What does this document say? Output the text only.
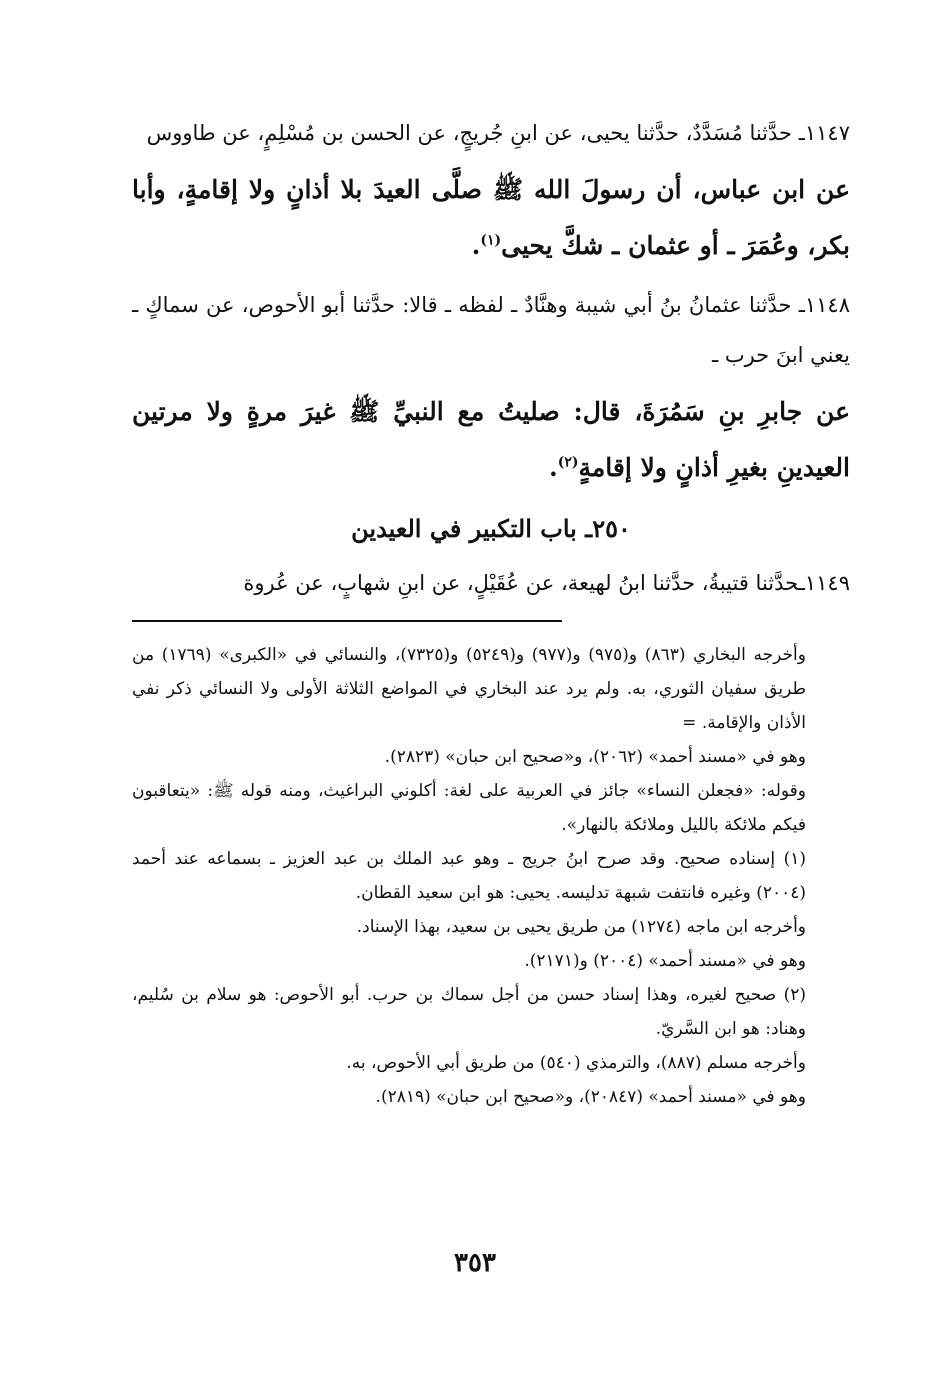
١١٤٧ـ حدَّثنا مُسَدَّدٌ، حدَّثنا يحيى، عن ابنِ جُريجٍ، عن الحسن بن مُسْلِمٍ، عن طاووس

عن ابن عباس، أن رسولَ الله ﷺ صلَّى العيدَ بلا أذانٍ ولا إقامةٍ، وأبا بكر، وعُمَرَ ـ أو عثمان ـ شكَّ يحيى$^{(١)}$.

١١٤٨ـ حدَّثنا عثمانُ بنُ أبي شيبة وهنَّادٌ ـ لفظه ـ قالا: حدَّثنا أبو الأحوص، عن سماكٍ ـ يعني ابنَ حرب ـ

عن جابرِ بنِ سَمُرَةَ، قال: صليتُ مع النبيِّ ﷺ غيرَ مرةٍ ولا مرتين العيدينِ بغيرِ أذانٍ ولا إقامةٍ$^{(٢)}$.

٢٥٠ـ باب التكبير في العيدين

١١٤٩ـحدَّثنا قتيبةُ، حدَّثنا ابنُ لهيعة، عن عُقَيْلٍ، عن ابنِ شهابٍ، عن عُروة

وأخرجه البخاري (٨٦٣) و(٩٧٥) و(٩٧٧) و(٥٢٤٩) و(٧٣٢٥)، والنسائي في «الكبرى» (١٧٦٩) من طريق سفيان الثوري، به. ولم يرد عند البخاري في المواضع الثلاثة الأولى ولا النسائي ذكر نفي الأذان والإقامة. =

وهو في «مسند أحمد» (٢٠٦٢)، و«صحيح ابن حبان» (٢٨٢٣).

وقوله: «فجعلن النساء» جائز في العربية على لغة: أكلوني البراغيث، ومنه قوله ﷺ: «يتعاقبون فيكم ملائكة بالليل وملائكة بالنهار».

(١) إسناده صحيح. وقد صرح ابنُ جريج ـ وهو عبد الملك بن عبد العزيز ـ بسماعه عند أحمد (٢٠٠٤) وغيره فانتفت شبهة تدليسه. يحيى: هو ابن سعيد القطان.

وأخرجه ابن ماجه (١٢٧٤) من طريق يحيى بن سعيد، بهذا الإسناد.

وهو في «مسند أحمد» (٢٠٠٤) و(٢١٧١).

(٢) صحيح لغيره، وهذا إسناد حسن من أجل سماك بن حرب. أبو الأحوص: هو سلام بن سُليم، وهناد: هو ابن السَّريّ.

وأخرجه مسلم (٨٨٧)، والترمذي (٥٤٠) من طريق أبي الأحوص، به.

وهو في «مسند أحمد» (٢٠٨٤٧)، و«صحيح ابن حبان» (٢٨١٩).

٣٥٣
